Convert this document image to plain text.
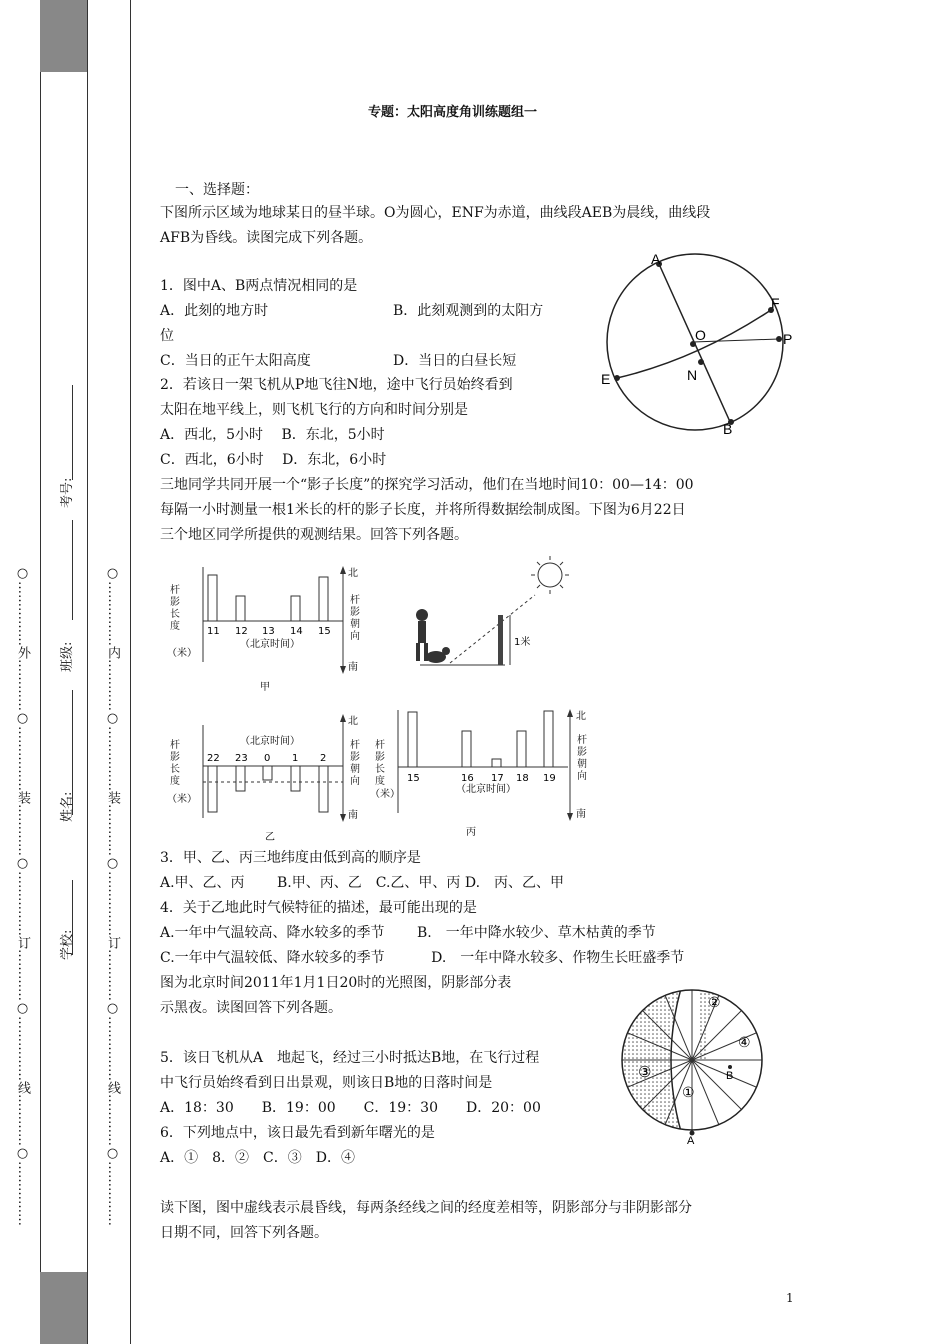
○……………外…………○……………装…………○……………订…………○……………线…………○……………	○……………内…………○……………装…………○……………订…………○……………线…………○……………
学校:
姓名:
班级:
考号:
专题：太阳高度角训练题组一
一、选择题：
下图所示区域为地球某日的昼半球。O为圆心，ENF为赤道，曲线段AEB为晨线，曲线段
AFB为昏线。读图完成下列各题。
1．图中A、B两点情况相同的是
A．此刻的地方时	B．此刻观测到的太阳方
位
C．当日的正午太阳高度	D．当日的白昼长短
2．若该日一架飞机从P地飞往N地，途中飞行员始终看到
太阳在地平线上，则飞机飞行的方向和时间分别是
A．西北，5小时　 B．东北，5小时
C．西北，6小时　 D．东北，6小时
A
F
O	P
E	N
B
三地同学共同开展一个“影子长度”的探究学习活动，他们在当地时间10：00—14：00
每隔一小时测量一根1米长的杆的影子长度，并将所得数据绘制成图。下图为6月22日
三个地区同学所提供的观测结果。回答下列各题。
11 12 13 14 15
（北京时间）
（米）
北
南
甲
杆影长度
杆影朝向
1米
（北京时间）
22 23 0 1 2
（米）
北
南
乙
杆影长度
杆影朝向	15	16 17 18 19
（北京时间）
（米）
北
南
丙
杆影长度
杆影朝向
3．甲、乙、丙三地纬度由低到高的顺序是
A.甲、乙、丙　　 B.甲、丙、乙　C.乙、甲、丙 D.　丙、乙、甲
4．关于乙地此时气候特征的描述，最可能出现的是
A.一年中气温较高、降水较多的季节　　 B.　一年中降水较少、草木枯黄的季节
C.一年中气温较低、降水较多的季节　　　 D.　一年中降水较多、作物生长旺盛季节
图为北京时间2011年1月1日20时的光照图，阴影部分表
示黑夜。读图回答下列各题。	②
④
③
①
B
A
5．该日飞机从A　地起飞，经过三小时抵达B地，在飞行过程
中飞行员始终看到日出景观，则该日B地的日落时间是
A．18：30　　B．19：00　　C．19：30　　D．20：00
6．下列地点中，该日最先看到新年曙光的是
A．①　8．②　C．③　D．④
读下图，图中虚线表示晨昏线，每两条经线之间的经度差相等，阴影部分与非阴影部分
日期不同，回答下列各题。
1
